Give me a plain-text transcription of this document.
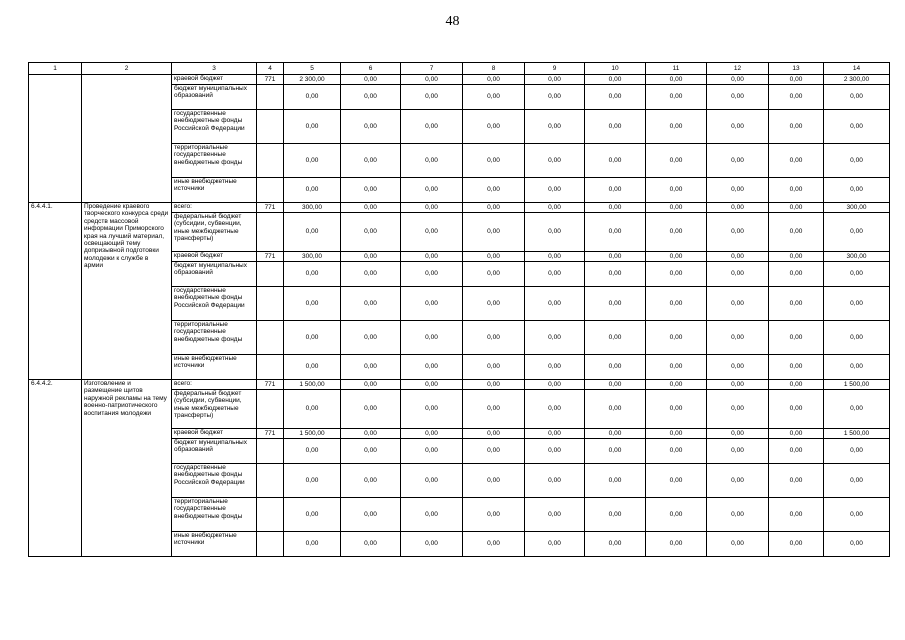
48
1	2	3	4	5	6	7	8	9	10	11	12	13	14
		краевой бюджет	771	2 300,00	0,00	0,00	0,00	0,00	0,00	0,00	0,00	0,00	2 300,00
		бюджет муниципальных образований		0,00	0,00	0,00	0,00	0,00	0,00	0,00	0,00	0,00	0,00
		государственные внебюджетные фонды Российской Федерации		0,00	0,00	0,00	0,00	0,00	0,00	0,00	0,00	0,00	0,00
		территориальные государственные внебюджетные фонды		0,00	0,00	0,00	0,00	0,00	0,00	0,00	0,00	0,00	0,00
		иные внебюджетные источники		0,00	0,00	0,00	0,00	0,00	0,00	0,00	0,00	0,00	0,00
6.4.4.1.	Проведение краевого творческого конкурса среди средств массовой информации Приморского края на лучший материал, освещающий тему допризывной подготовки молодежи к службе в армии	всего:	771	300,00	0,00	0,00	0,00	0,00	0,00	0,00	0,00	0,00	300,00
		федеральный бюджет (субсидии, субвенции, иные межбюджетные трансферты)		0,00	0,00	0,00	0,00	0,00	0,00	0,00	0,00	0,00	0,00
		краевой бюджет	771	300,00	0,00	0,00	0,00	0,00	0,00	0,00	0,00	0,00	300,00
		бюджет муниципальных образований		0,00	0,00	0,00	0,00	0,00	0,00	0,00	0,00	0,00	0,00
		государственные внебюджетные фонды Российской Федерации		0,00	0,00	0,00	0,00	0,00	0,00	0,00	0,00	0,00	0,00
		территориальные государственные внебюджетные фонды		0,00	0,00	0,00	0,00	0,00	0,00	0,00	0,00	0,00	0,00
		иные внебюджетные источники		0,00	0,00	0,00	0,00	0,00	0,00	0,00	0,00	0,00	0,00
6.4.4.2.	Изготовление и размещение щитов наружной рекламы на тему военно-патриотического воспитания молодежи	всего:	771	1 500,00	0,00	0,00	0,00	0,00	0,00	0,00	0,00	0,00	1 500,00
		федеральный бюджет (субсидии, субвенции, иные межбюджетные трансферты)		0,00	0,00	0,00	0,00	0,00	0,00	0,00	0,00	0,00	0,00
		краевой бюджет	771	1 500,00	0,00	0,00	0,00	0,00	0,00	0,00	0,00	0,00	1 500,00
		бюджет муниципальных образований		0,00	0,00	0,00	0,00	0,00	0,00	0,00	0,00	0,00	0,00
		государственные внебюджетные фонды Российской Федерации		0,00	0,00	0,00	0,00	0,00	0,00	0,00	0,00	0,00	0,00
		территориальные государственные внебюджетные фонды		0,00	0,00	0,00	0,00	0,00	0,00	0,00	0,00	0,00	0,00
		иные внебюджетные источники		0,00	0,00	0,00	0,00	0,00	0,00	0,00	0,00	0,00	0,00
